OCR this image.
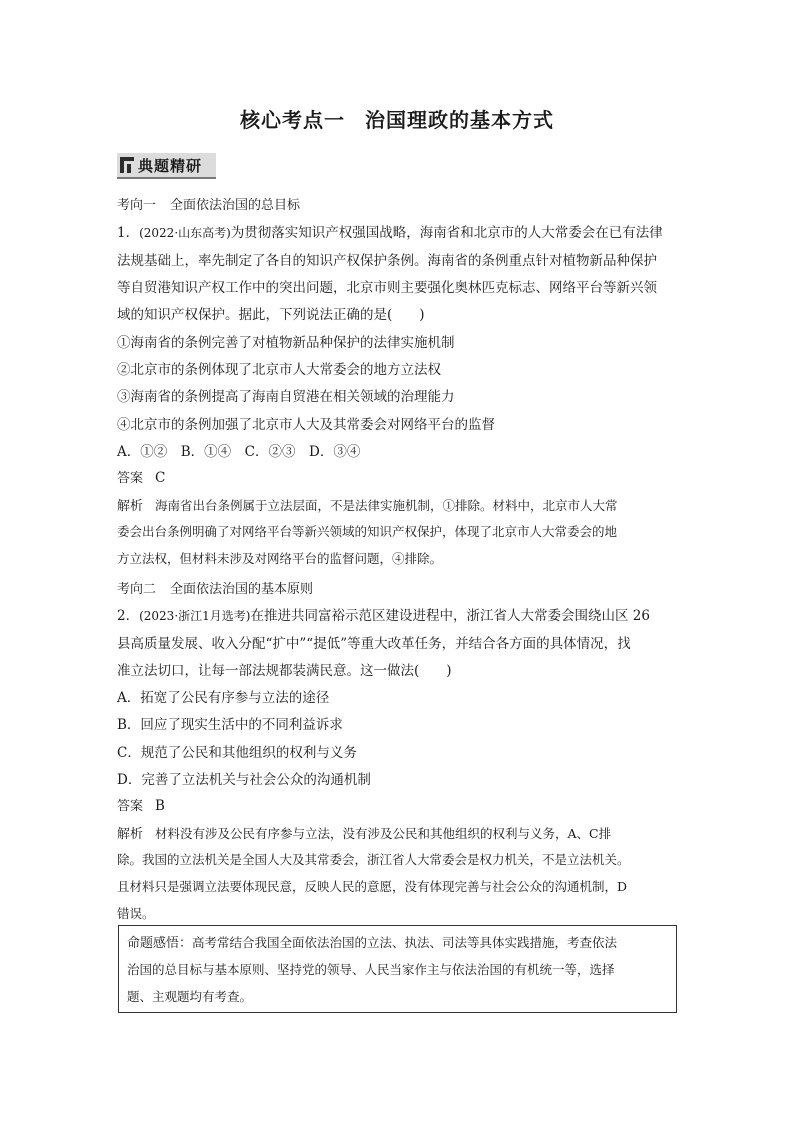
核心考点一 治国理政的基本方式
典题精研
考向一 全面依法治国的总目标
1．(2022·山东高考)为贯彻落实知识产权强国战略，海南省和北京市的人大常委会在已有法律
法规基础上，率先制定了各自的知识产权保护条例。海南省的条例重点针对植物新品种保护
等自贸港知识产权工作中的突出问题，北京市则主要强化奥林匹克标志、网络平台等新兴领
域的知识产权保护。据此，下列说法正确的是(　　)
①海南省的条例完善了对植物新品种保护的法律实施机制
②北京市的条例体现了北京市人大常委会的地方立法权
③海南省的条例提高了海南自贸港在相关领域的治理能力
④北京市的条例加强了北京市人大及其常委会对网络平台的监督
A．①②　B．①④　C．②③　D．③④
答案 C
解析 海南省出台条例属于立法层面，不是法律实施机制，①排除。材料中，北京市人大常
委会出台条例明确了对网络平台等新兴领域的知识产权保护，体现了北京市人大常委会的地
方立法权，但材料未涉及对网络平台的监督问题，④排除。
考向二 全面依法治国的基本原则
2．(2023·浙江1月选考)在推进共同富裕示范区建设进程中，浙江省人大常委会围绕山区 26
县高质量发展、收入分配“扩中”“提低”等重大改革任务，并结合各方面的具体情况，找
准立法切口，让每一部法规都装满民意。这一做法(　　)
A．拓宽了公民有序参与立法的途径
B．回应了现实生活中的不同利益诉求
C．规范了公民和其他组织的权利与义务
D．完善了立法机关与社会公众的沟通机制
答案 B
解析 材料没有涉及公民有序参与立法，没有涉及公民和其他组织的权利与义务，A、C排
除。我国的立法机关是全国人大及其常委会，浙江省人大常委会是权力机关，不是立法机关。
且材料只是强调立法要体现民意，反映人民的意愿，没有体现完善与社会公众的沟通机制，D
错误。
命题感悟：高考常结合我国全面依法治国的立法、执法、司法等具体实践措施，考查依法
治国的总目标与基本原则、坚持党的领导、人民当家作主与依法治国的有机统一等，选择
题、主观题均有考查。
